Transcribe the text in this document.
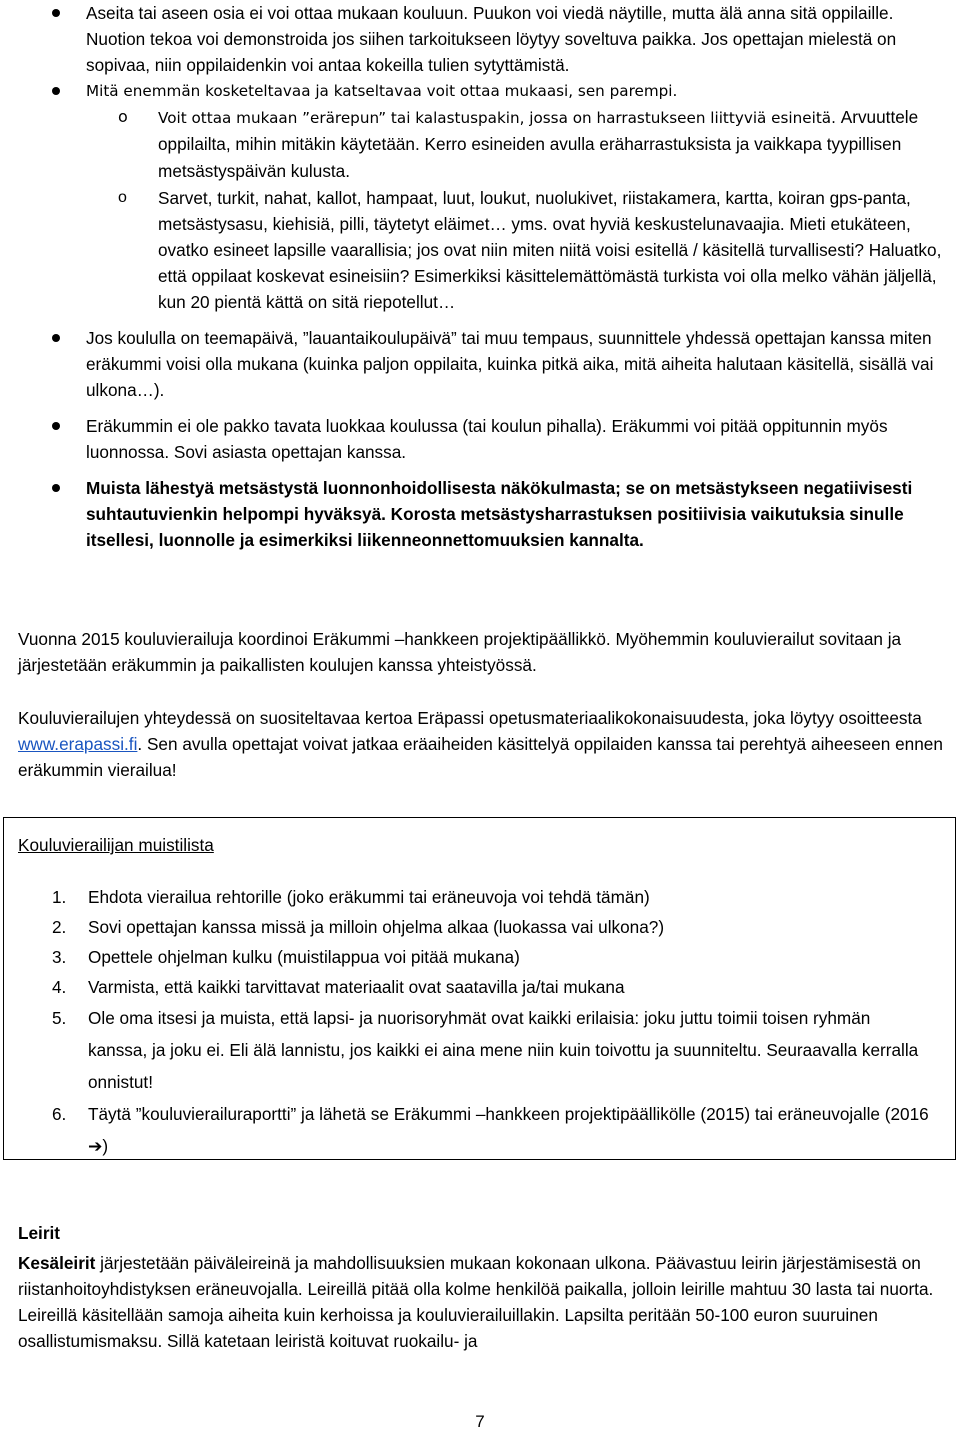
Aseita tai aseen osia ei voi ottaa mukaan kouluun. Puukon voi viedä näytille, mutta älä anna sitä oppilaille. Nuotion tekoa voi demonstroida jos siihen tarkoitukseen löytyy soveltuva paikka. Jos opettajan mielestä on sopivaa, niin oppilaidenkin voi antaa kokeilla tulien sytyttämistä.
Mitä enemmän kosketeltavaa ja katseltavaa voit ottaa mukaasi, sen parempi.
o Voit ottaa mukaan ”erärepun” tai kalastuspakin, jossa on harrastukseen liittyviä esineitä. Arvuuttele oppilailta, mihin mitäkin käytetään. Kerro esineiden avulla eräharrastuksista ja vaikkapa tyypillisen metsästyspäivän kulusta.
o Sarvet, turkit, nahat, kallot, hampaat, luut, loukut, nuolukivet, riistakamera, kartta, koiran gps-panta, metsästysasu, kiehisiä, pilli, täytetyt eläimet… yms. ovat hyviä keskustelunavaajia. Mieti etukäteen, ovatko esineet lapsille vaarallisia; jos ovat niin miten niitä voisi esitellä / käsitellä turvallisesti? Haluatko, että oppilaat koskevat esineisiin? Esimerkiksi käsittelemättömästä turkista voi olla melko vähän jäljellä, kun 20 pientä kättä on sitä riepotellut…
Jos koululla on teemapäivä, ”lauantaikoulupäivä” tai muu tempaus, suunnittele yhdessä opettajan kanssa miten eräkummi voisi olla mukana (kuinka paljon oppilaita, kuinka pitkä aika, mitä aiheita halutaan käsitellä, sisällä vai ulkona…).
Eräkummin ei ole pakko tavata luokkaa koulussa (tai koulun pihalla). Eräkummi voi pitää oppitunnin myös luonnossa. Sovi asiasta opettajan kanssa.
Muista lähestyä metsästystä luonnonhoidollisesta näkökulmasta; se on metsästykseen negatiivisesti suhtautuvienkin helpompi hyväksyä. Korosta metsästysharrastuksen positiivisia vaikutuksia sinulle itsellesi, luonnolle ja esimerkiksi liikenneonnettomuuksien kannalta.

Vuonna 2015 kouluvierailuja koordinoi Eräkummi –hankkeen projektipäällikkö. Myöhemmin kouluvierailut sovitaan ja järjestetään eräkummin ja paikallisten koulujen kanssa yhteistyössä.

Kouluvierailujen yhteydessä on suositeltavaa kertoa Eräpassi opetusmateriaalikokonaisuudesta, joka löytyy osoitteesta www.erapassi.fi. Sen avulla opettajat voivat jatkaa eräaiheiden käsittelyä oppilaiden kanssa tai perehtyä aiheeseen ennen eräkummin vierailua!

Kouluvierailijan muistilista
1. Ehdota vierailua rehtorille (joko eräkummi tai eräneuvoja voi tehdä tämän)
2. Sovi opettajan kanssa missä ja milloin ohjelma alkaa (luokassa vai ulkona?)
3. Opettele ohjelman kulku (muistilappua voi pitää mukana)
4. Varmista, että kaikki tarvittavat materiaalit ovat saatavilla ja/tai mukana
5. Ole oma itsesi ja muista, että lapsi- ja nuorisoryhmät ovat kaikki erilaisia: joku juttu toimii toisen ryhmän kanssa, ja joku ei. Eli älä lannistu, jos kaikki ei aina mene niin kuin toivottu ja suunniteltu. Seuraavalla kerralla onnistut!
6. Täytä ”kouluvierailuraportti” ja lähetä se Eräkummi –hankkeen projektipäällikölle (2015) tai eräneuvojalle (2016 ➔)
Leirit

Kesäleirit järjestetään päiväleireinä ja mahdollisuuksien mukaan kokonaan ulkona. Päävastuu leirin järjestämisestä on riistanhoitoyhdistyksen eräneuvojalla. Leireillä pitää olla kolme henkilöä paikalla, jolloin leirille mahtuu 30 lasta tai nuorta. Leireillä käsitellään samoja aiheita kuin kerhoissa ja kouluvierailuillakin. Lapsilta peritään 50-100 euron suuruinen osallistumismaksu. Sillä katetaan leiristä koituvat ruokailu- ja

7
